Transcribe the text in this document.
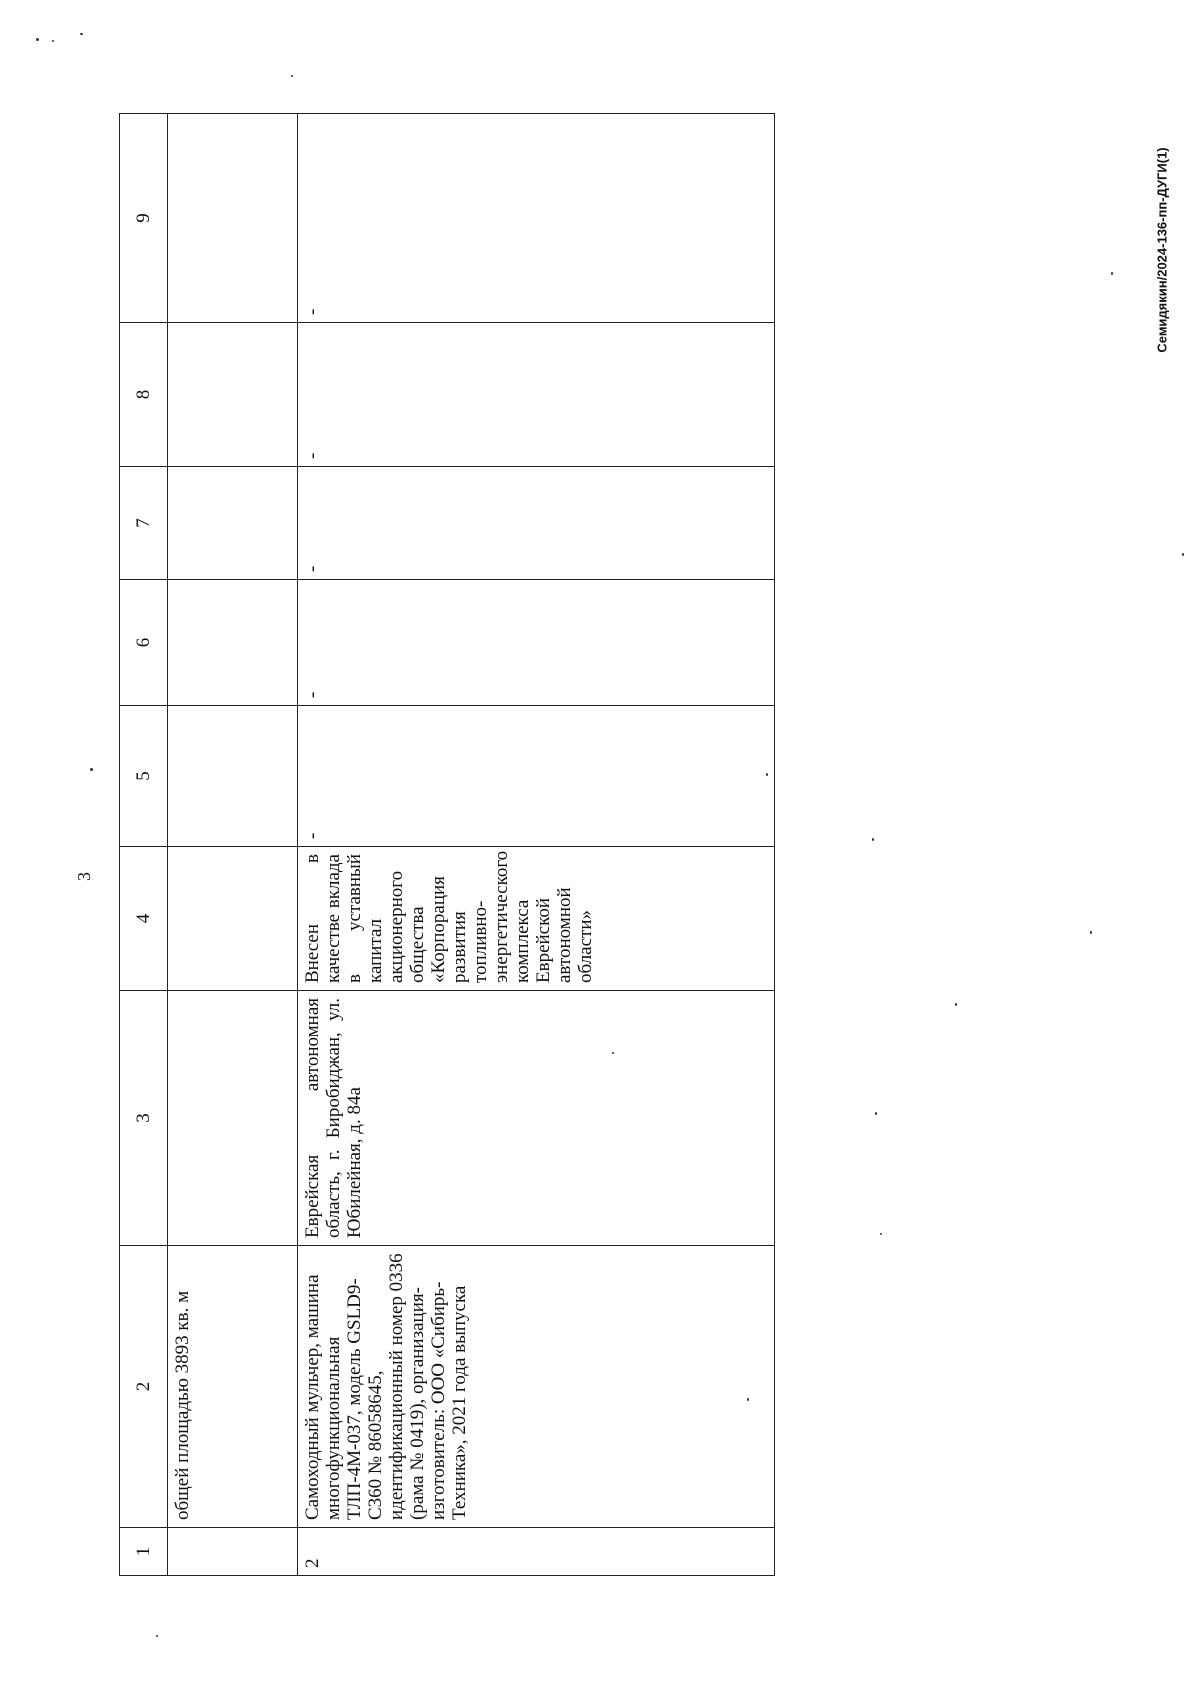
3
Семидякин/2024-136-пп-ДУГИ(1)
1	2	3	4	5	6	7	8	9
	общей площадью 3893 кв. м							
2	Самоходный мульчер, машина многофункциональная ТЛП-4М-037, модель GSLD9-C360 № 86058645, идентификационный номер 0336 (рама № 0419), организация-изготовитель: ООО «Сибирь-Техника», 2021 года выпуска	Еврейская автономная область, г. Биробиджан, ул. Юбилейная, д. 84а	Внесен в качестве вклада в уставный капитал акционерного общества «Корпорация развития топливно-энергетического комплекса Еврейской автономной области»	-	-	-	-	-
